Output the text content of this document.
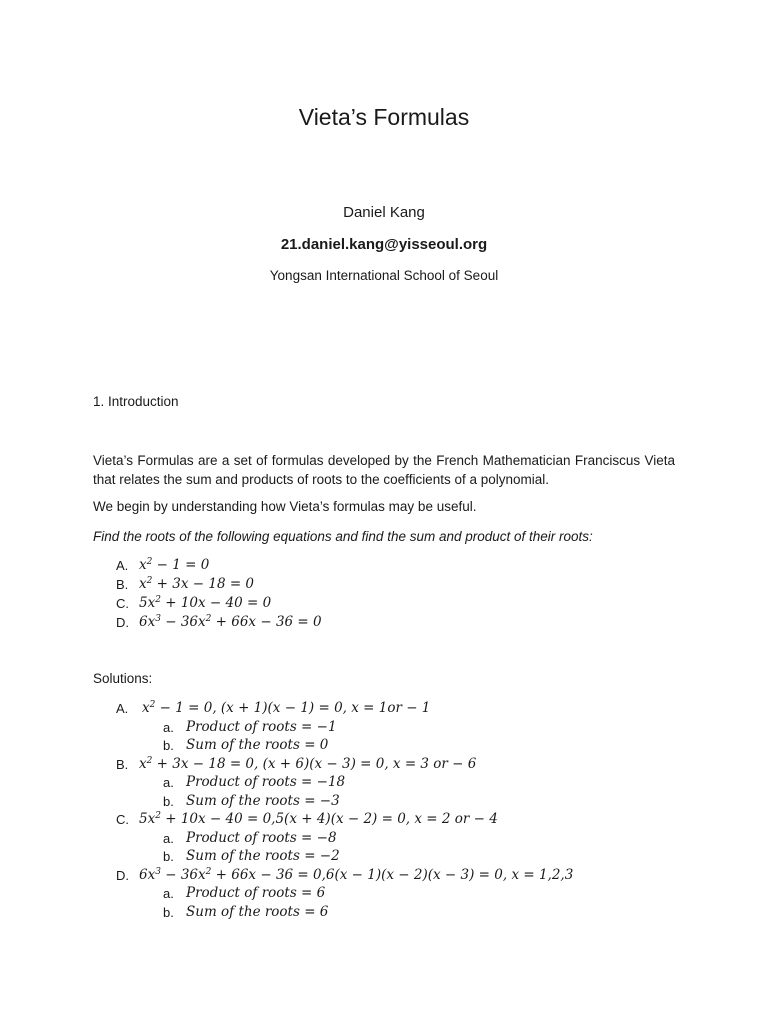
Vieta’s Formulas
Daniel Kang
21.daniel.kang@yisseoul.org
Yongsan International School of Seoul
1. Introduction
Vieta’s Formulas are a set of formulas developed by the French Mathematician Franciscus Vieta that relates the sum and products of roots to the coefficients of a polynomial.
We begin by understanding how Vieta’s formulas may be useful.
Find the roots of the following equations and find the sum and product of their roots:
A. $x^2 - 1 = 0$
B. $x^2 + 3x - 18 = 0$
C. $5x^2 + 10x - 40 = 0$
D. $6x^3 - 36x^2 + 66x - 36 = 0$
Solutions:
A. $x^2 - 1 = 0$, (x + 1)(x − 1) = 0, x = 1or − 1
a. Product of roots = −1
b. Sum of the roots = 0
B. $x^2 + 3x - 18 = 0$, (x + 6)(x − 3) = 0, x = 3 or − 6
a. Product of roots = −18
b. Sum of the roots = −3
C. $5x^2 + 10x - 40 = 0,5(x + 4)(x - 2) = 0$, x = 2 or − 4
a. Product of roots = −8
b. Sum of the roots = −2
D. $6x^3 - 36x^2 + 66x - 36 = 0,6(x - 1)(x - 2)(x - 3) = 0$, x = 1,2,3
a. Product of roots = 6
b. Sum of the roots = 6
